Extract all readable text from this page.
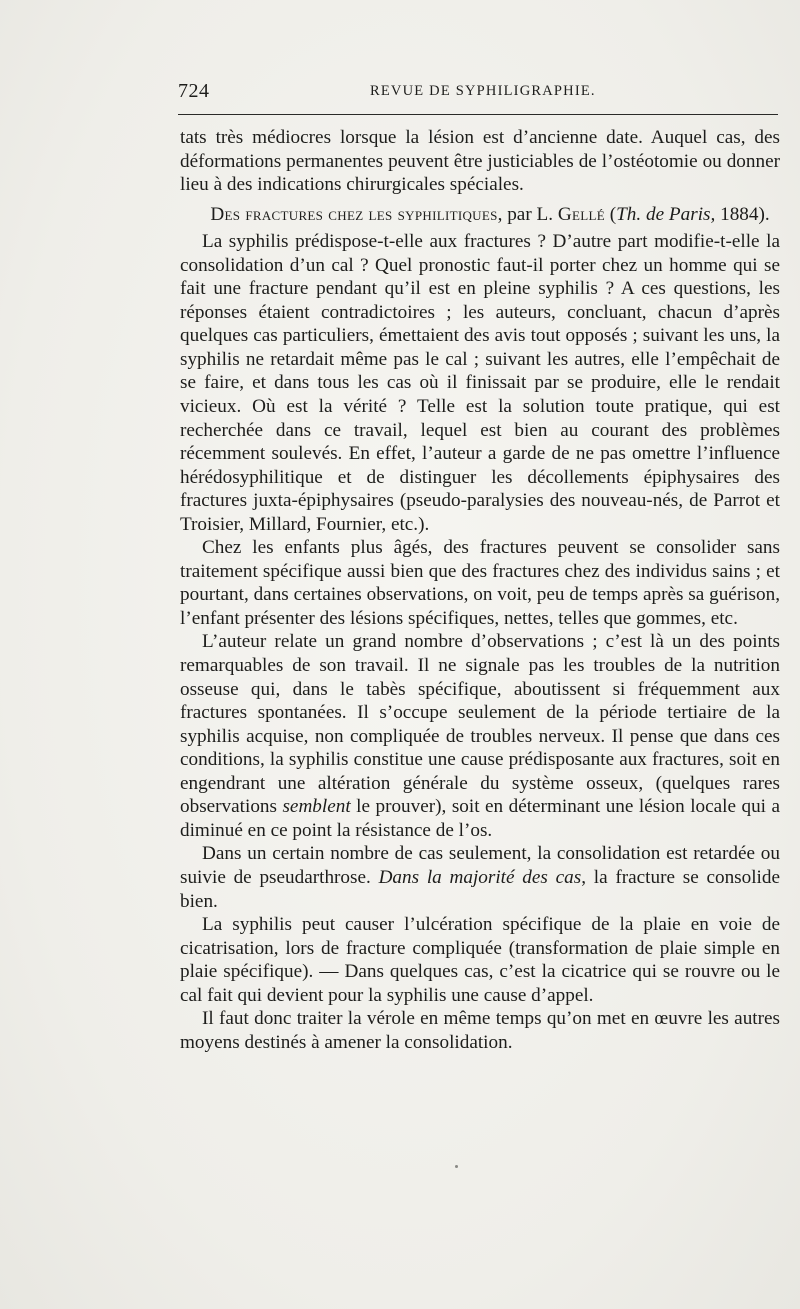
724	REVUE DE SYPHILIGRAPHIE.

tats très médiocres lorsque la lésion est d’ancienne date. Auquel cas, des déformations permanentes peuvent être justiciables de l’ostéotomie ou donner lieu à des indications chirurgicales spéciales.

Des fractures chez les syphilitiques, par L. Gellé (Th. de Paris, 1884).

La syphilis prédispose-t-elle aux fractures ? D’autre part modifie-t-elle la consolidation d’un cal ? Quel pronostic faut-il porter chez un homme qui se fait une fracture pendant qu’il est en pleine syphilis ? A ces questions, les réponses étaient contradictoires ; les auteurs, concluant, chacun d’après quelques cas particuliers, émettaient des avis tout opposés ; suivant les uns, la syphilis ne retardait même pas le cal ; suivant les autres, elle l’empêchait de se faire, et dans tous les cas où il finissait par se produire, elle le rendait vicieux. Où est la vérité ? Telle est la solution toute pratique, qui est recherchée dans ce travail, lequel est bien au courant des problèmes récemment soulevés. En effet, l’auteur a garde de ne pas omettre l’influence hérédosyphilitique et de distinguer les décollements épiphysaires des fractures juxta-épiphysaires (pseudo-paralysies des nouveau-nés, de Parrot et Troisier, Millard, Fournier, etc.).

Chez les enfants plus âgés, des fractures peuvent se consolider sans traitement spécifique aussi bien que des fractures chez des individus sains ; et pourtant, dans certaines observations, on voit, peu de temps après sa guérison, l’enfant présenter des lésions spécifiques, nettes, telles que gommes, etc.

L’auteur relate un grand nombre d’observations ; c’est là un des points remarquables de son travail. Il ne signale pas les troubles de la nutrition osseuse qui, dans le tabès spécifique, aboutissent si fréquemment aux fractures spontanées. Il s’occupe seulement de la période tertiaire de la syphilis acquise, non compliquée de troubles nerveux. Il pense que dans ces conditions, la syphilis constitue une cause prédisposante aux fractures, soit en engendrant une altération générale du système osseux, (quelques rares observations semblent le prouver), soit en déterminant une lésion locale qui a diminué en ce point la résistance de l’os.

Dans un certain nombre de cas seulement, la consolidation est retardée ou suivie de pseudarthrose. Dans la majorité des cas, la fracture se consolide bien.

La syphilis peut causer l’ulcération spécifique de la plaie en voie de cicatrisation, lors de fracture compliquée (transformation de plaie simple en plaie spécifique). — Dans quelques cas, c’est la cicatrice qui se rouvre ou le cal fait qui devient pour la syphilis une cause d’appel.

Il faut donc traiter la vérole en même temps qu’on met en œuvre les autres moyens destinés à amener la consolidation.
